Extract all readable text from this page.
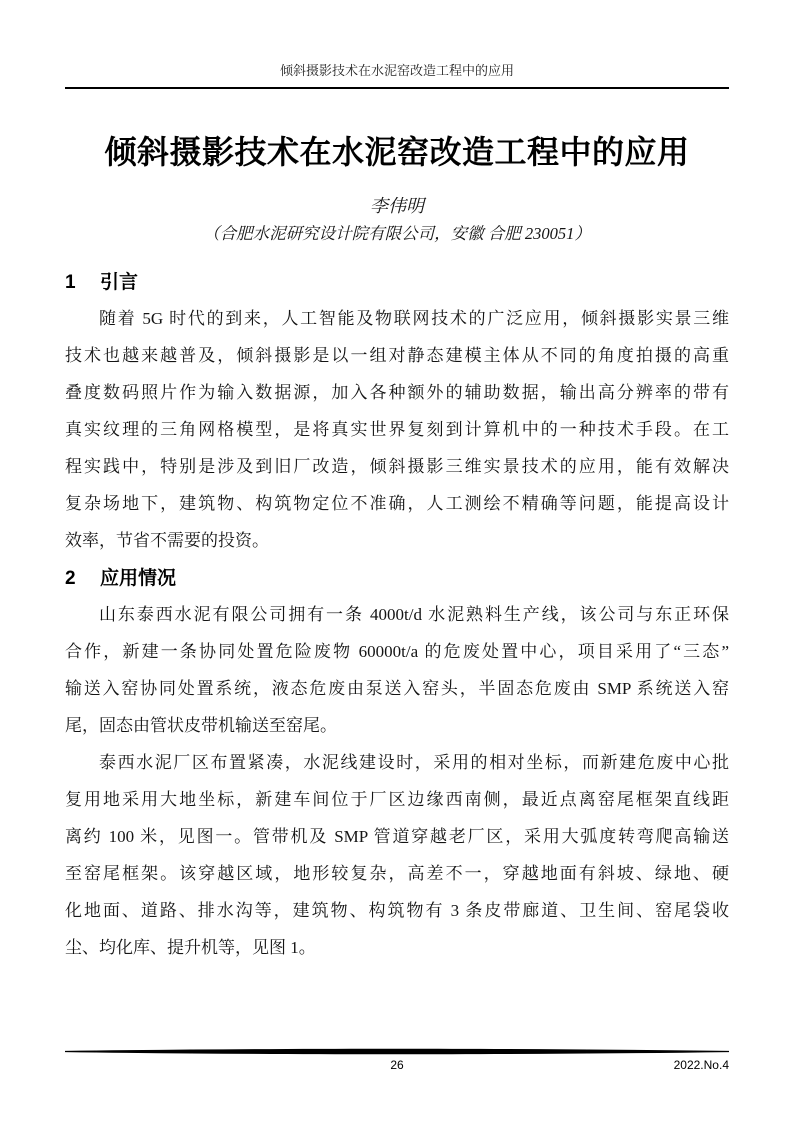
倾斜摄影技术在水泥窑改造工程中的应用
倾斜摄影技术在水泥窑改造工程中的应用
李伟明
（合肥水泥研究设计院有限公司，安徽 合肥 230051）
1 引言
随着 5G 时代的到来，人工智能及物联网技术的广泛应用，倾斜摄影实景三维
技术也越来越普及，倾斜摄影是以一组对静态建模主体从不同的角度拍摄的高重
叠度数码照片作为输入数据源，加入各种额外的辅助数据，输出高分辨率的带有
真实纹理的三角网格模型，是将真实世界复刻到计算机中的一种技术手段。在工
程实践中，特别是涉及到旧厂改造，倾斜摄影三维实景技术的应用，能有效解决
复杂场地下，建筑物、构筑物定位不准确，人工测绘不精确等问题，能提高设计
效率，节省不需要的投资。
2 应用情况
山东泰西水泥有限公司拥有一条 4000t/d 水泥熟料生产线，该公司与东正环保
合作，新建一条协同处置危险废物 60000t/a 的危废处置中心，项目采用了“三态”
输送入窑协同处置系统，液态危废由泵送入窑头，半固态危废由 SMP 系统送入窑
尾，固态由管状皮带机输送至窑尾。
泰西水泥厂区布置紧凑，水泥线建设时，采用的相对坐标，而新建危废中心批
复用地采用大地坐标，新建车间位于厂区边缘西南侧，最近点离窑尾框架直线距
离约 100 米，见图一。管带机及 SMP 管道穿越老厂区，采用大弧度转弯爬高输送
至窑尾框架。该穿越区域，地形较复杂，高差不一，穿越地面有斜坡、绿地、硬
化地面、道路、排水沟等，建筑物、构筑物有 3 条皮带廊道、卫生间、窑尾袋收
尘、均化库、提升机等，见图 1。
26	2022.No.4
